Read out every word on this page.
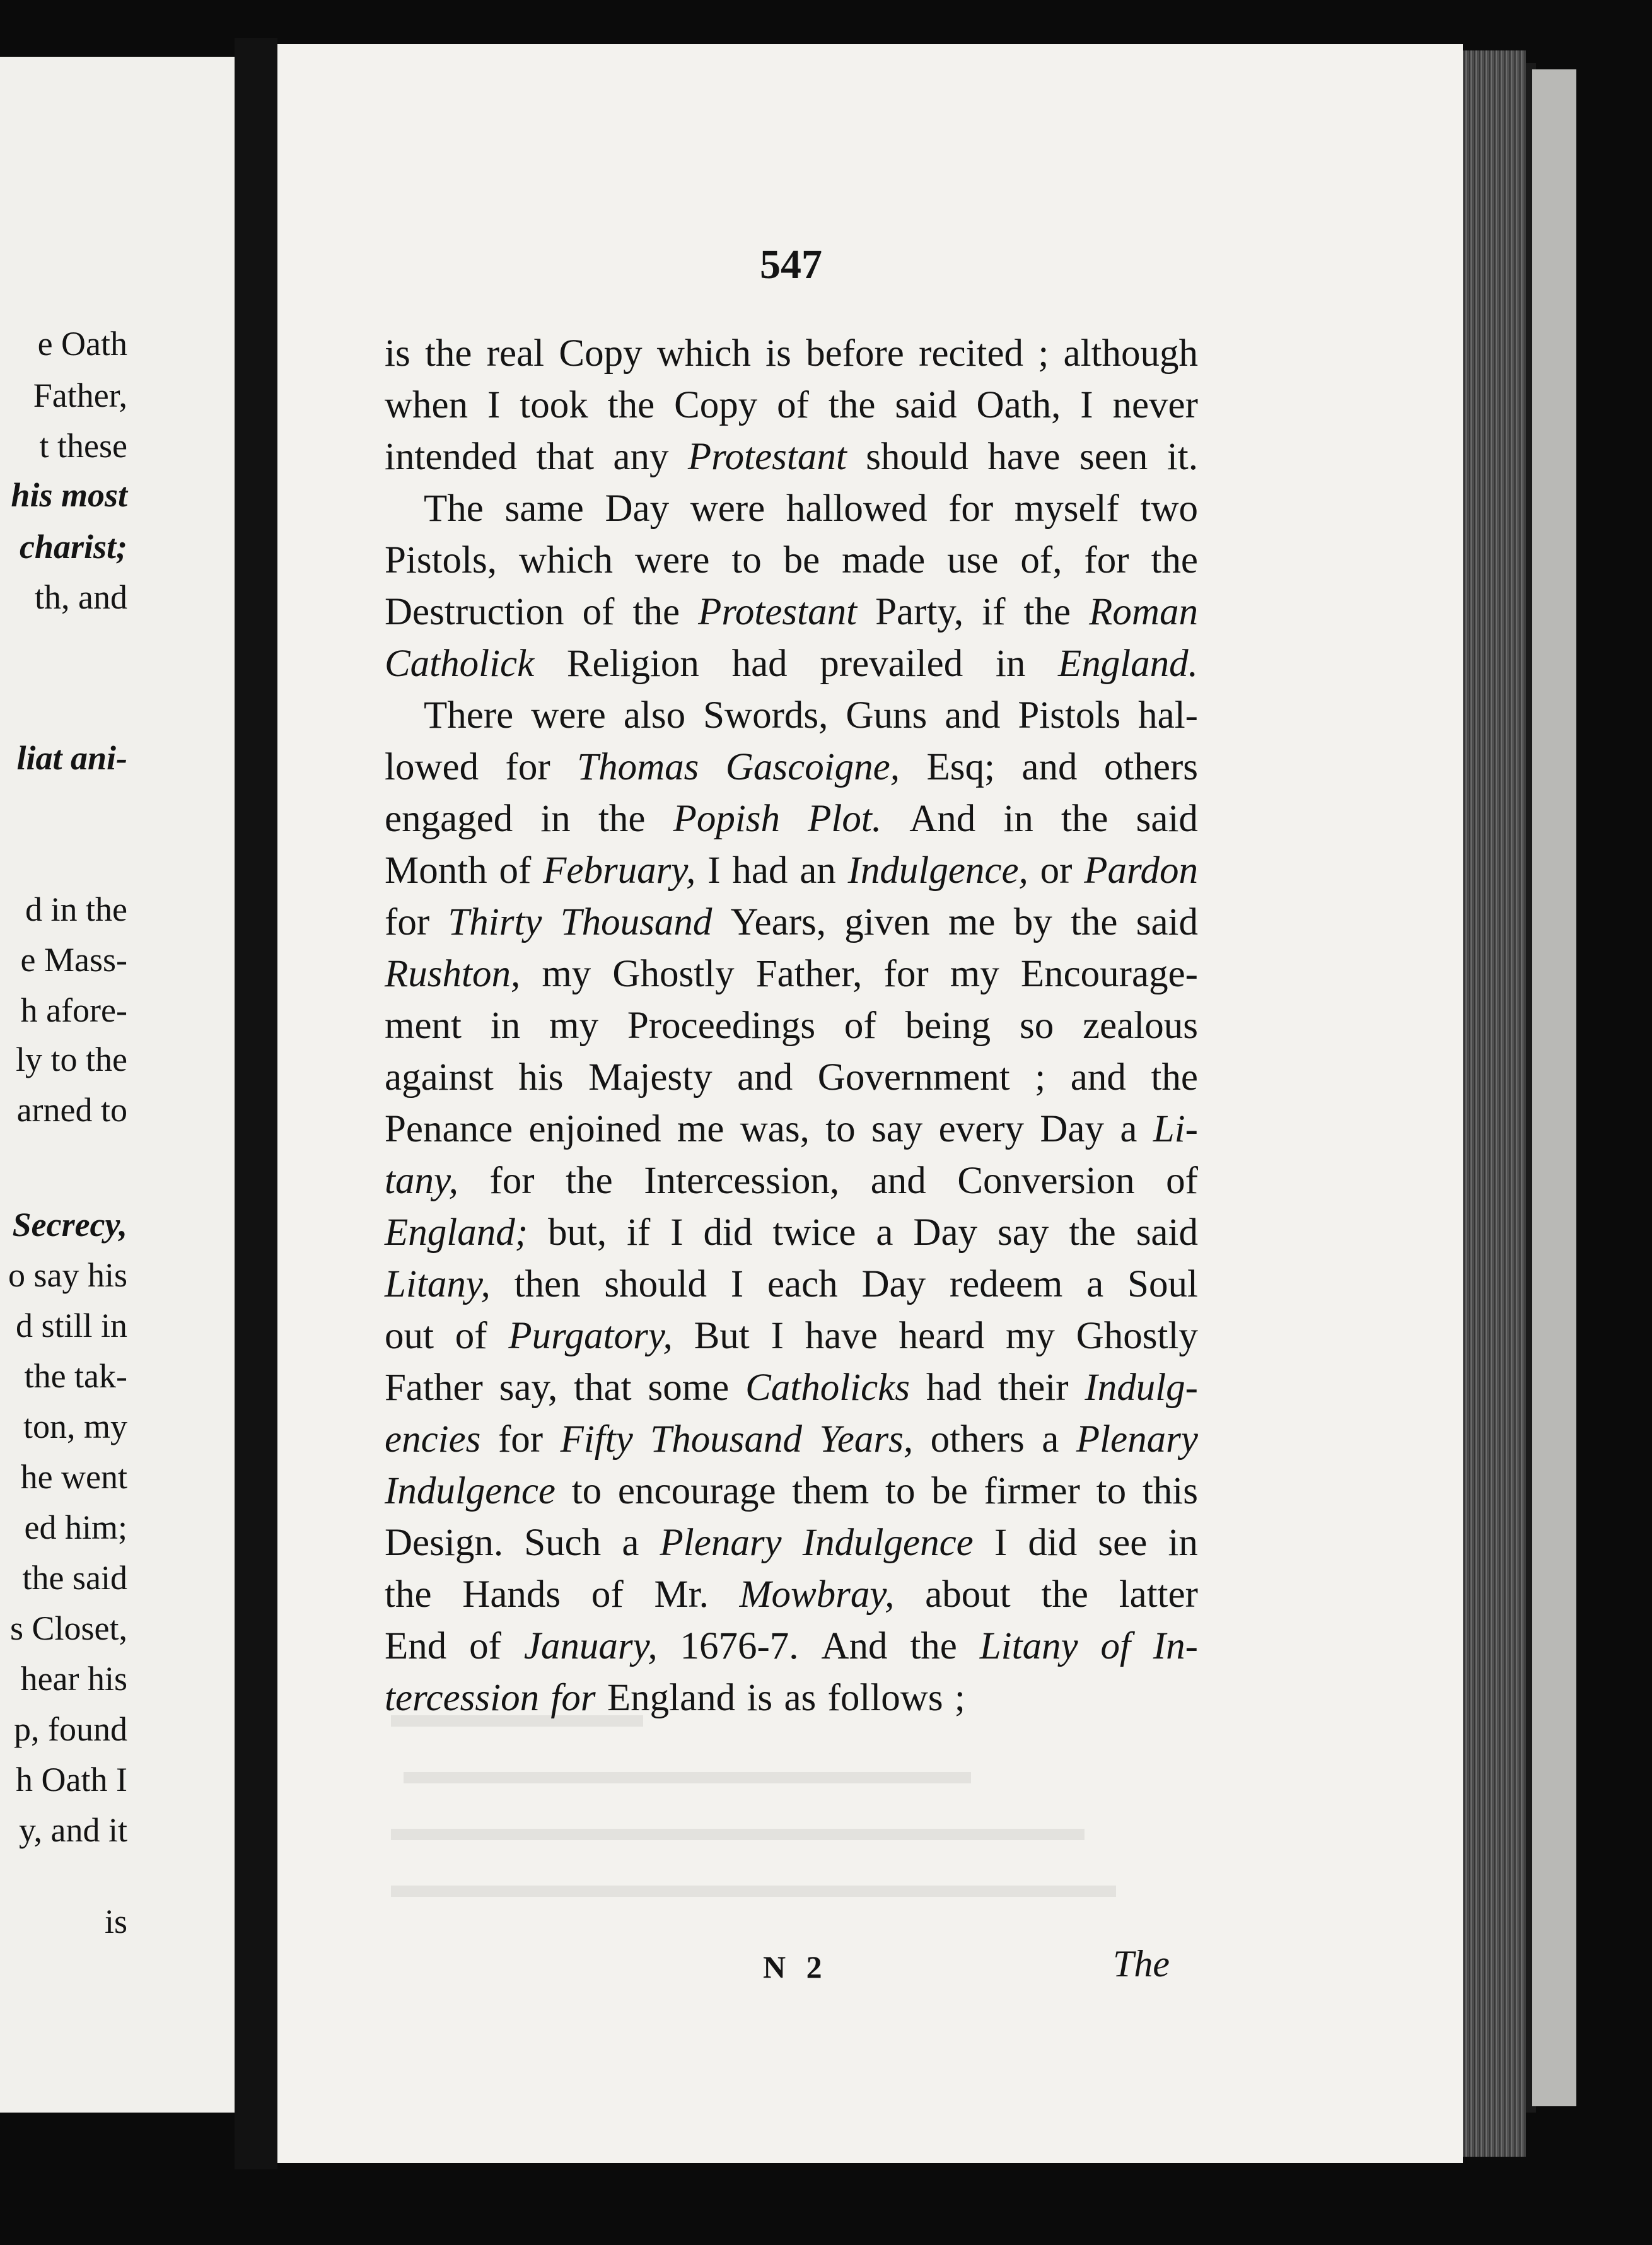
e Oath

Father,

t these

his most

charist;

th, and

liat ani-

d in the

e Mass-

h afore-

ly to the

arned to

Secrecy,

o say his

d still in

the tak-

ton, my

he went

ed him;

the said

s Closet,

hear his

p, found

h Oath I

y, and it

is

547

is the real Copy which is before recited ; although
when I took the Copy of the said Oath, I never
intended that any Protestant should have seen it.
The same Day were hallowed for myself two
Pistols, which were to be made use of, for the
Destruction of the Protestant Party, if the Roman
Catholick Religion had prevailed in England.
There were also Swords, Guns and Pistols hal-
lowed for Thomas Gascoigne, Esq; and others
engaged in the Popish Plot. And in the said
Month of February, I had an Indulgence, or Pardon
for Thirty Thousand Years, given me by the said
Rushton, my Ghostly Father, for my Encourage-
ment in my Proceedings of being so zealous
against his Majesty and Government ; and the
Penance enjoined me was, to say every Day a Li-
tany, for the Intercession, and Conversion of
England; but, if I did twice a Day say the said
Litany, then should I each Day redeem a Soul
out of Purgatory, But I have heard my Ghostly
Father say, that some Catholicks had their Indulg-
encies for Fifty Thousand Years, others a Plenary
Indulgence to encourage them to be firmer to this
Design. Such a Plenary Indulgence I did see in
the Hands of Mr. Mowbray, about the latter
End of January, 1676-7. And the Litany of In-
tercession for England is as follows ;

N 2	The
